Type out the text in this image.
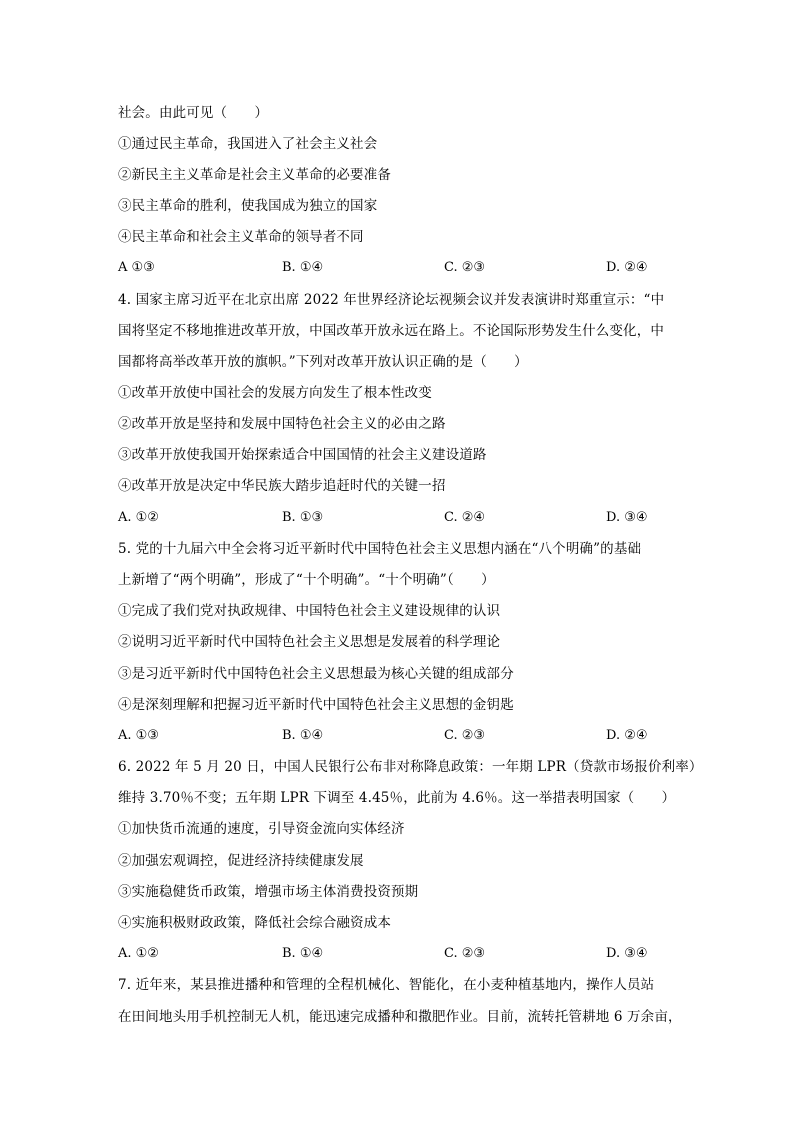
社会。由此可见（　　）
①通过民主革命，我国进入了社会主义社会
②新民主主义革命是社会主义革命的必要准备
③民主革命的胜利，使我国成为独立的国家
④民主革命和社会主义革命的领导者不同
A ①③	B. ①④	C. ②③	D. ②④
4. 国家主席习近平在北京出席 2022 年世界经济论坛视频会议并发表演讲时郑重宣示：“中
国将坚定不移地推进改革开放，中国改革开放永远在路上。不论国际形势发生什么变化，中
国都将高举改革开放的旗帜。”下列对改革开放认识正确的是（　　）
①改革开放使中国社会的发展方向发生了根本性改变
②改革开放是坚持和发展中国特色社会主义的必由之路
③改革开放使我国开始探索适合中国国情的社会主义建设道路
④改革开放是决定中华民族大踏步追赶时代的关键一招
A. ①②	B. ①③	C. ②④	D. ③④
5. 党的十九届六中全会将习近平新时代中国特色社会主义思想内涵在“八个明确”的基础
上新增了“两个明确”，形成了“十个明确”。“十个明确”（　　）
①完成了我们党对执政规律、中国特色社会主义建设规律的认识
②说明习近平新时代中国特色社会主义思想是发展着的科学理论
③是习近平新时代中国特色社会主义思想最为核心关键的组成部分
④是深刻理解和把握习近平新时代中国特色社会主义思想的金钥匙
A. ①③	B. ①④	C. ②③	D. ②④
6. 2022 年 5 月 20 日，中国人民银行公布非对称降息政策：一年期 LPR（贷款市场报价利率）
维持 3.70％不变；五年期 LPR 下调至 4.45％，此前为 4.6％。这一举措表明国家（　　）
①加快货币流通的速度，引导资金流向实体经济
②加强宏观调控，促进经济持续健康发展
③实施稳健货币政策，增强市场主体消费投资预期
④实施积极财政政策，降低社会综合融资成本
A. ①②	B. ①④	C. ②③	D. ③④
7. 近年来，某县推进播种和管理的全程机械化、智能化，在小麦种植基地内，操作人员站
在田间地头用手机控制无人机，能迅速完成播种和撒肥作业。目前，流转托管耕地 6 万余亩，
